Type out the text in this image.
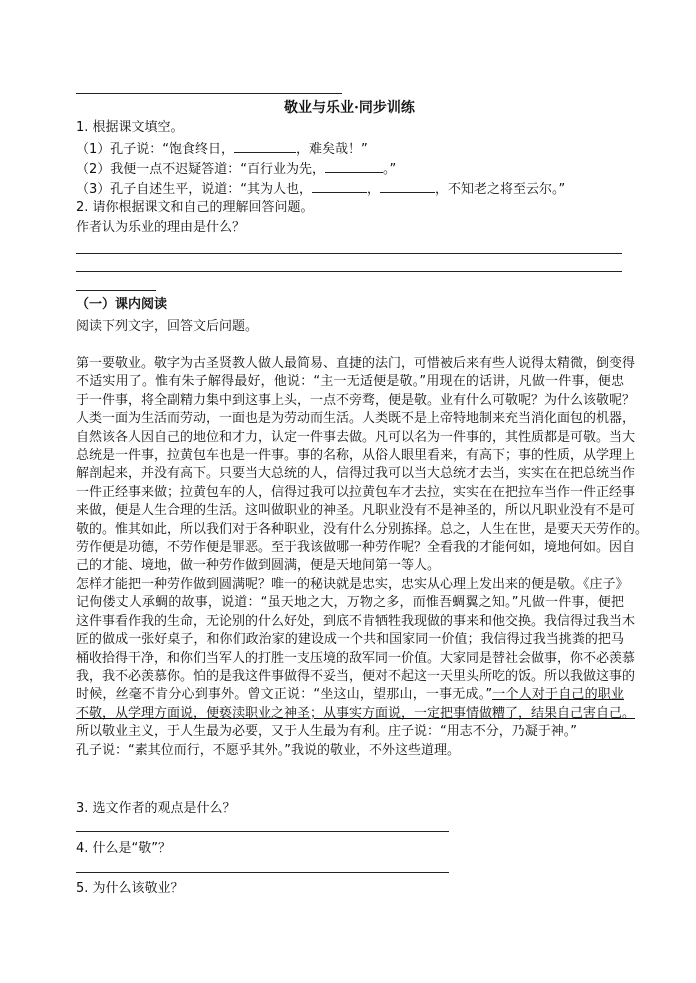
敬业与乐业·同步训练
1. 根据课文填空。
（1）孔子说：“饱食终日，	，难矣哉！”
（2）我便一点不迟疑答道：“百行业为先，	。”
（3）孔子自述生平，说道：“其为人也，	，	，不知老之将至云尔。”
2. 请你根据课文和自己的理解回答问题。
作者认为乐业的理由是什么？
（一）课内阅读
阅读下列文字，回答文后问题。
第一要敬业。敬字为古圣贤教人做人最简易、直捷的法门，可惜被后来有些人说得太精微，倒变得
不适实用了。惟有朱子解得最好，他说：“主一无适便是敬。”用现在的话讲，凡做一件事，便忠
于一件事，将全副精力集中到这事上头，一点不旁骛，便是敬。业有什么可敬呢？为什么该敬呢？
人类一面为生活而劳动，一面也是为劳动而生活。人类既不是上帝特地制来充当消化面包的机器，
自然该各人因自己的地位和才力，认定一件事去做。凡可以名为一件事的，其性质都是可敬。当大
总统是一件事，拉黄包车也是一件事。事的名称，从俗人眼里看来，有高下；事的性质，从学理上
解剖起来，并没有高下。只要当大总统的人，信得过我可以当大总统才去当，实实在在把总统当作
一件正经事来做；拉黄包车的人，信得过我可以拉黄包车才去拉，实实在在把拉车当作一件正经事
来做，便是人生合理的生活。这叫做职业的神圣。凡职业没有不是神圣的，所以凡职业没有不是可
敬的。惟其如此，所以我们对于各种职业，没有什么分别拣择。总之，人生在世，是要天天劳作的。
劳作便是功德，不劳作便是罪恶。至于我该做哪一种劳作呢？全看我的才能何如，境地何如。因自
己的才能、境地，做一种劳作做到圆满，便是天地间第一等人。
怎样才能把一种劳作做到圆满呢？唯一的秘诀就是忠实，忠实从心理上发出来的便是敬。《庄子》
记佝偻丈人承蜩的故事，说道：“虽天地之大，万物之多，而惟吾蜩翼之知。”凡做一件事，便把
这件事看作我的生命，无论别的什么好处，到底不肯牺牲我现做的事来和他交换。我信得过我当木
匠的做成一张好桌子，和你们政治家的建设成一个共和国家同一价值；我信得过我当挑粪的把马
桶收拾得干净，和你们当军人的打胜一支压境的敌军同一价值。大家同是替社会做事，你不必羡慕
我，我不必羡慕你。怕的是我这件事做得不妥当，便对不起这一天里头所吃的饭。所以我做这事的
时候，丝毫不肯分心到事外。曾文正说：“坐这山，望那山，一事无成。”一个人对于自己的职业
不敬，从学理方面说，便亵渎职业之神圣；从事实方面说，一定把事情做糟了，结果自己害自己。
所以敬业主义，于人生最为必要，又于人生最为有利。庄子说：“用志不分，乃凝于神。”
孔子说：“素其位而行，不愿乎其外。”我说的敬业，不外这些道理。
3. 选文作者的观点是什么？
4. 什么是“敬”？
5. 为什么该敬业？
